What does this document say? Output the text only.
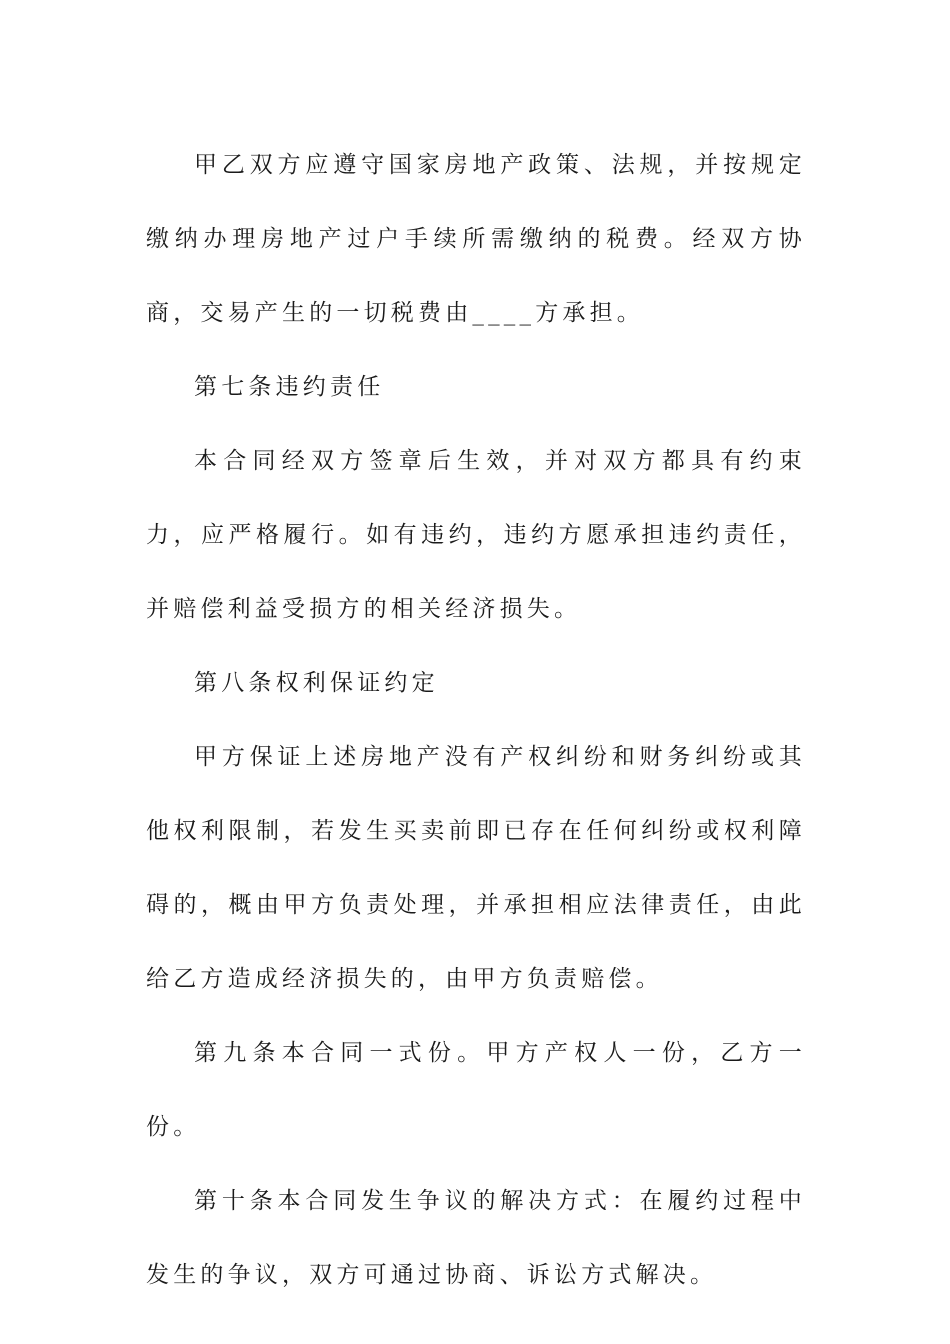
甲乙双方应遵守国家房地产政策、法规，并按规定缴纳办理房地产过户手续所需缴纳的税费。经双方协商，交易产生的一切税费由____方承担。

第七条违约责任

本合同经双方签章后生效，并对双方都具有约束力，应严格履行。如有违约，违约方愿承担违约责任，并赔偿利益受损方的相关经济损失。

第八条权利保证约定

甲方保证上述房地产没有产权纠纷和财务纠纷或其他权利限制，若发生买卖前即已存在任何纠纷或权利障碍的，概由甲方负责处理，并承担相应法律责任，由此给乙方造成经济损失的，由甲方负责赔偿。

第九条本合同一式份。甲方产权人一份，乙方一份。

第十条本合同发生争议的解决方式：在履约过程中发生的争议，双方可通过协商、诉讼方式解决。
